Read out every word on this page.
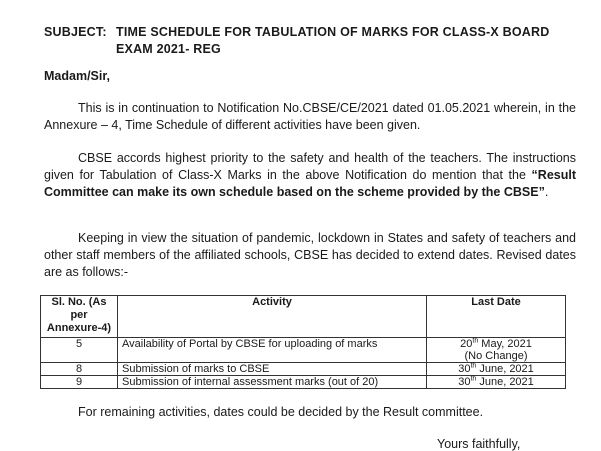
SUBJECT: TIME SCHEDULE FOR TABULATION OF MARKS FOR CLASS-X BOARD EXAM 2021- REG
Madam/Sir,

This is in continuation to Notification No.CBSE/CE/2021 dated 01.05.2021 wherein, in the Annexure – 4, Time Schedule of different activities have been given.

CBSE accords highest priority to the safety and health of the teachers. The instructions given for Tabulation of Class-X Marks in the above Notification do mention that the “Result Committee can make its own schedule based on the scheme provided by the CBSE”.

Keeping in view the situation of pandemic, lockdown in States and safety of teachers and other staff members of the affiliated schools, CBSE has decided to extend dates. Revised dates are as follows:-

Sl. No. (As per Annexure-4)	Activity	Last Date
5	Availability of Portal by CBSE for uploading of marks	20th May, 2021
(No Change)
8	Submission of marks to CBSE	30th June, 2021
9	Submission of internal assessment marks (out of 20)	30th June, 2021
For remaining activities, dates could be decided by the Result committee.
Yours faithfully,
